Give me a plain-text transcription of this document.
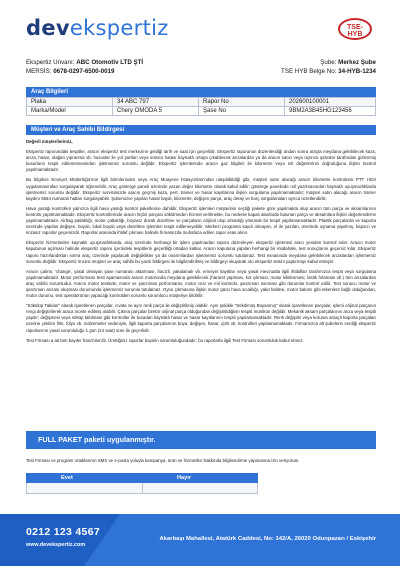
devekspertiz	TSE-HYB
Ekspertiz Unvanı: ABC Otomotiv LTD ŞTİ
MERSİS: 0678-0297-6500-0019
Şube: Merkez Şube
TSE HYB Belge No: 34-HYB-1234
Araç Bilgileri
Plaka	34 ABC 797	Rapor No	202600100001
Marka/Model	Chery OMODA 5	Şase No	9BM2A3B45HG123456
Müşteri ve Araç Sahibi Bildirgesi

Değerli müşterilerimiz,

Ekspertiz raporundaki tespitler, aracın ekspertiz test merkezine geldiği tarih ve saat için geçerlidir. Ekspertiz raporunun düzenlendiği andan sonra araçta meydana gelebilecek kaza, arıza, hasar, olağan yıpranma vb. hususlar ile yol şartları veya sürücü hatası kaynaklı ortaya çıkabilecek arızalardan ya da aracın satıcı veya üçüncü şahıslar tarafından gizlenmiş kusurların tespit edilememesinden işletmemiz sorumlu değildir. Ekspertiz işlemlerinde aracın gaz bilgileri ile kilometre veya mil değerlerinin doğruluğuna ilişkin kontrol yapılmamaktadır.

Bu bilgilere Emniyet Müdürlüğü'nün ilgili birimlerinden veya Araç Muayene İstasyonları'ndan ulaşılabildiği gibi, müşteri satın alacağı aracın kilometre kontrolünü PTT HGS uygulamasından sorgulayarak öğrenebilir. Araç gösterge paneli üzerinde yazan değer kilometre olarak kabul edilir; gösterge panelinde mil yazılmasından kaynaklı uyuşmazlıklarda işletmemiz sorumlu değildir. Ekspertiz servisimizde aracın geçmiş kaza, pert, tramer ve hasar kayıtlarına ilişkin sorgulama yapılmamaktadır; müşteri satın alacağı aracın tramer kaydını 5664 numaralı hattan sorgulayabilir. Şubemizce yapılan hasar kaydı, kilometre, değişen parça, araç detay ve borç sorgulamaları ayrıca ücretlendirilir.

Hava yastığı kontrolleri yalnızca ilgili hava yastığı kontrol paketlerine dahildir. Ekspertiz işlemleri müşterinin seçtiği pakete göre yapılmakta olup aracın tüm parça ve aksamlarının kontrolü yapılmamaktadır. Ekspertiz kontrollerinde aracın hiçbir parçası sökülmeden hizmet verilmekte, bu nedenle kapalı alanlarda bulunan parça ve aksamlara ilişkin değerlendirme yapılmamaktadır. Airbag patlaklığı, motor çatlaklığı, boyasız düzük düzeltme ve parçaların orijinal olup olmadığı yönünde bir tespit yapılamamaktadır. Plastik parçalarda ve kaporta üzerinde yapılan değişen, boyalı, lokal boyalı veya düzeltme işlemleri tespit edilemeyebilir. Merkezi programa kaydı olmayan, el ile yazılan, üzerinde oynama yapılmış, kapsızı ve imzasız raporlar geçersizdir. Raporlar arasında ihtilaf çıkması halinde firmamızda muhafaza edilen rapor esas alınır.

Ekspertiz hizmetinden kaynaklı uyuşmazlıklarda, araç üzerinde herhangi bir işlem yapılmadan raporu düzenleyen ekspertiz işletmesi aracı yeniden kontrol eder. Aracın motor kaputunun açılması halinde ekspertiz raporu içerindeki tespitlerin geçerliliği ortadan kalkar. Aracın kaputuna yapılan herhangi bir müdahale, test sonuçlarını geçersiz kılar. Ekspertiz raporu hazırlandıktan sonra araç üzerinde yapılacak değişiklikler ya da onarımlardan işletmemiz sorumlu tutulamaz. Test esnasında meydana gelebilecek arızalardan işletmemiz sorumlu değildir. Ekspertiz öncesi müşteri ve araç sahibi bu yazılı bildirgesi ile bilgilendirilmiş ve bildirgeyi okuyarak oto ekspertiz testini yaptırmayı kabul etmiştir.

Aracın çalıntı, 'change', yasal olmayan şase numarası aktarması, hacizli, yakalamalı vb. emniyet kayıtları veya yasal mevzuatla ilgili ihtilafları tarafımızca tespit veya sorgulama yapılmamaktadır. Motor performans testi aşamasında aracın motorunda meydana gelebilecek (hararet yapması, kol çıkması, motor kilitlenmesi, lastik fırlaması vb.) tüm arızalardan araç sahibi sorumludur. Aracın motor testinde, motor ve şanzıman performansı, motor ısısı ve mil kontrolü, şanzıman ısınması gibi durumlar kontrol edilir. Test sonucu motor ve şanzıman arızası oluşması durumunda işletmemiz sorumlu tutulamaz. Oyno çıkmasına ilişkin motor gücü hava sıcaklığı, yakıt kalitesi, motor bakımı gibi etkenlere bağlı olduğundan, motor durumu, test operatörünün yapacağı kontrolden sorumlu sorumlucu müşteriye bildirilir.

"Sökülüp Takılan" olarak işaretlenen parçalar, cıvata ve aynı renk parça ile değiştirilmiş olabilir. Aynı şekilde "Sökülmüş Boyanmış" olarak işaretlenen parçalar, işlemi orijinal parçanın rengi değiştirilerek araca monte edilmiş olabilir. Çıkma parçalar birebir orijinal parça olduğundan değiştirildiğinin tespiti mümkün değildir. Mekanik aksam parçalarının arıza veya tespiti yapılır; değişmesi veya söküp takılması gibi kontroller ile buradan kaynaklı hasar ve hasar kayıtlarının tespiti yapılamamaktadır. Renk değişimi veya koruma amaçlı kaporta parçaları üzerine çekilen film, folyo vb. malzemeler nedeniyle, ilgili kaporta parçalarının boya, değişen, hasar, çizik vb. kontrolleri yapılamamaktadır. Firmamızca alt şubelerin verdiği ekspertiz raporlarının yasal sorumluluğu 1 gün (24 saat) süre ile geçerlidir.

Test Firması a ait tüm bayiler franchise'dir. Ürettiğiniz raporlar bayinin sorumluluğundadır; bu raporlarla ilgili Test Firması sorumluluk kabul etmez.

FULL PAKET paketi uygulanmıştır.
Test Firması ve program ortaklarının SMS ve e-posta yoluyla kampanya, ürün ve hizmetleri hakkında bilgilendirme yapmasına izin veriyorum.
Evet	Hayır

0212 123 4567
www.devekspertiz.com
Akarbaşı Mahallesi, Atatürk Caddesi, No: 142/A, 26020 Odunpazarı / Eskişehir
